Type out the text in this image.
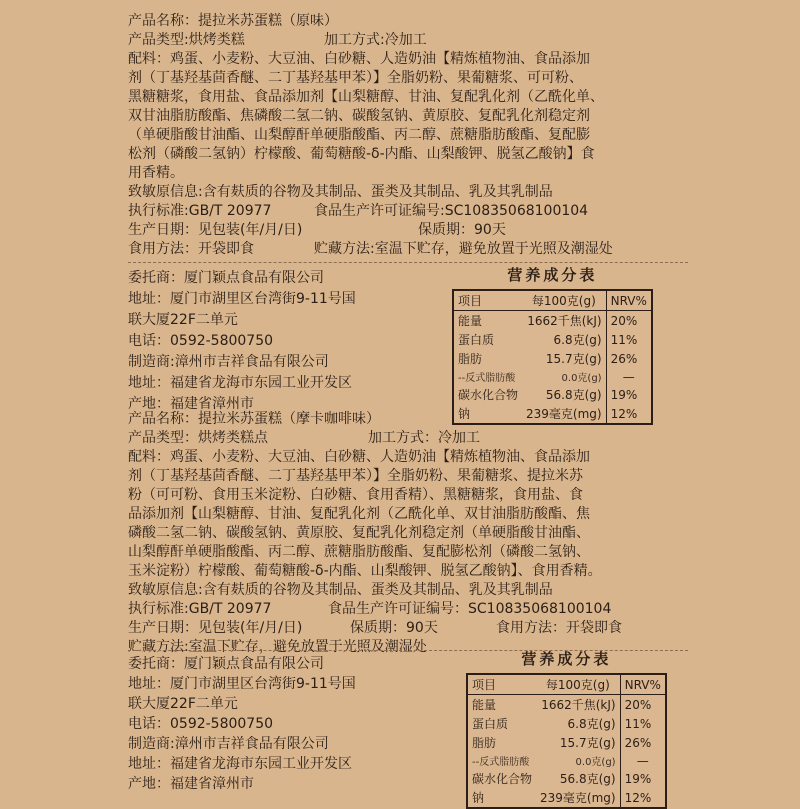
产品名称：提拉米苏蛋糕（原味）
产品类型:烘烤类糕	加工方式:冷加工
配料：鸡蛋、小麦粉、大豆油、白砂糖、人造奶油【精炼植物油、食品添加
剂（丁基羟基茴香醚、二丁基羟基甲苯）】全脂奶粉、果葡糖浆、可可粉、
黑糖糖浆，食用盐、食品添加剂【山梨糖醇、甘油、复配乳化剂（乙酰化单、
双甘油脂肪酸酯、焦磷酸二氢二钠、碳酸氢钠、黄原胶、复配乳化剂稳定剂
（单硬脂酸甘油酯、山梨醇酐单硬脂酸酯、丙二醇、蔗糖脂肪酸酯、复配膨
松剂（磷酸二氢钠）柠檬酸、葡萄糖酸-δ-内酯、山梨酸钾、脱氢乙酸钠】食
用香精。
致敏原信息:含有麸质的谷物及其制品、蛋类及其制品、乳及其乳制品
执行标准:GB/T 20977	食品生产许可证编号:SC10835068100104
生产日期：见包装(年/月/日)	保质期：90天
食用方法：开袋即食	贮藏方法:室温下贮存，避免放置于光照及潮湿处
委托商：厦门颖点食品有限公司
地址：厦门市湖里区台湾街9-11号国
联大厦22F二单元
电话：0592-5800750
制造商:漳州市吉祥食品有限公司
地址：福建省龙海市东园工业开发区
产地：福建省漳州市
营养成分表
项目	每100克(g)	NRV%
能量	1662千焦(kJ)	20%
蛋白质	6.8克(g)	11%
脂肪	15.7克(g)	26%
--反式脂肪酸	0.0克(g)	—
碳水化合物	56.8克(g)	19%
钠	239毫克(mg)	12%
产品名称：提拉米苏蛋糕（摩卡咖啡味）
产品类型：烘烤类糕点	加工方式：冷加工
配料：鸡蛋、小麦粉、大豆油、白砂糖、人造奶油【精炼植物油、食品添加
剂（丁基羟基茴香醚、二丁基羟基甲苯）】全脂奶粉、果葡糖浆、提拉米苏
粉（可可粉、食用玉米淀粉、白砂糖、食用香精）、黑糖糖浆，食用盐、食
品添加剂【山梨糖醇、甘油、复配乳化剂（乙酰化单、双甘油脂肪酸酯、焦
磷酸二氢二钠、碳酸氢钠、黄原胶、复配乳化剂稳定剂（单硬脂酸甘油酯、
山梨醇酐单硬脂酸酯、丙二醇、蔗糖脂肪酸酯、复配膨松剂（磷酸二氢钠、
玉米淀粉）柠檬酸、葡萄糖酸-δ-内酯、山梨酸钾、脱氢乙酸钠】、食用香精。
致敏原信息:含有麸质的谷物及其制品、蛋类及其制品、乳及其乳制品
执行标准:GB/T 20977	食品生产许可证编号：SC10835068100104
生产日期：见包装(年/月/日)	保质期：90天	食用方法：开袋即食
贮藏方法:室温下贮存，避免放置于光照及潮湿处
委托商：厦门颖点食品有限公司
地址：厦门市湖里区台湾街9-11号国
联大厦22F二单元
电话：0592-5800750
制造商:漳州市吉祥食品有限公司
地址：福建省龙海市东园工业开发区
产地：福建省漳州市
营养成分表
项目	每100克(g)	NRV%
能量	1662千焦(kJ)	20%
蛋白质	6.8克(g)	11%
脂肪	15.7克(g)	26%
--反式脂肪酸	0.0克(g)	—
碳水化合物	56.8克(g)	19%
钠	239毫克(mg)	12%
